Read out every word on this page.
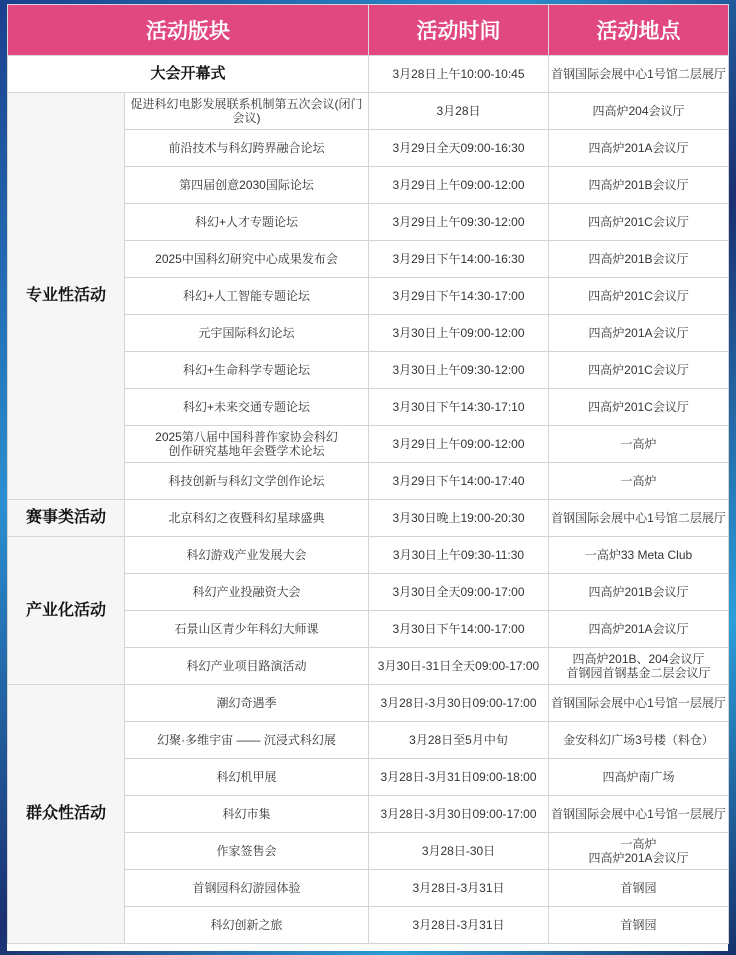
活动版块		活动时间	活动地点
大会开幕式		3月28日上午10:00-10:45	首钢国际会展中心1号馆二层展厅
专业性活动	促进科幻电影发展联系机制第五次会议(闭门会议)	3月28日	四高炉204会议厅
	前沿技术与科幻跨界融合论坛	3月29日全天09:00-16:30	四高炉201A会议厅
	第四届创意2030国际论坛	3月29日上午09:00-12:00	四高炉201B会议厅
	科幻+人才专题论坛	3月29日上午09:30-12:00	四高炉201C会议厅
	2025中国科幻研究中心成果发布会	3月29日下午14:00-16:30	四高炉201B会议厅
	科幻+人工智能专题论坛	3月29日下午14:30-17:00	四高炉201C会议厅
	元宇国际科幻论坛	3月30日上午09:00-12:00	四高炉201A会议厅
	科幻+生命科学专题论坛	3月30日上午09:30-12:00	四高炉201C会议厅
	科幻+未来交通专题论坛	3月30日下午14:30-17:10	四高炉201C会议厅
	2025第八届中国科普作家协会科幻
创作研究基地年会暨学术论坛	3月29日上午09:00-12:00	一高炉
	科技创新与科幻文学创作论坛	3月29日下午14:00-17:40	一高炉
赛事类活动	北京科幻之夜暨科幻星球盛典	3月30日晚上19:00-20:30	首钢国际会展中心1号馆二层展厅
产业化活动	科幻游戏产业发展大会	3月30日上午09:30-11:30	一高炉33 Meta Club
	科幻产业投融资大会	3月30日全天09:00-17:00	四高炉201B会议厅
	石景山区青少年科幻大师课	3月30日下午14:00-17:00	四高炉201A会议厅
	科幻产业项目路演活动	3月30日-31日全天09:00-17:00	四高炉201B、204会议厅
首钢园首钢基金二层会议厅
群众性活动	潮幻奇遇季	3月28日-3月30日09:00-17:00	首钢国际会展中心1号馆一层展厅
	幻聚·多维宇宙 —— 沉浸式科幻展	3月28日至5月中旬	金安科幻广场3号楼（料仓）
	科幻机甲展	3月28日-3月31日09:00-18:00	四高炉南广场
	科幻市集	3月28日-3月30日09:00-17:00	首钢国际会展中心1号馆一层展厅
	作家签售会	3月28日-30日	一高炉
四高炉201A会议厅
	首钢园科幻游园体验	3月28日-3月31日	首钢园
	科幻创新之旅	3月28日-3月31日	首钢园
